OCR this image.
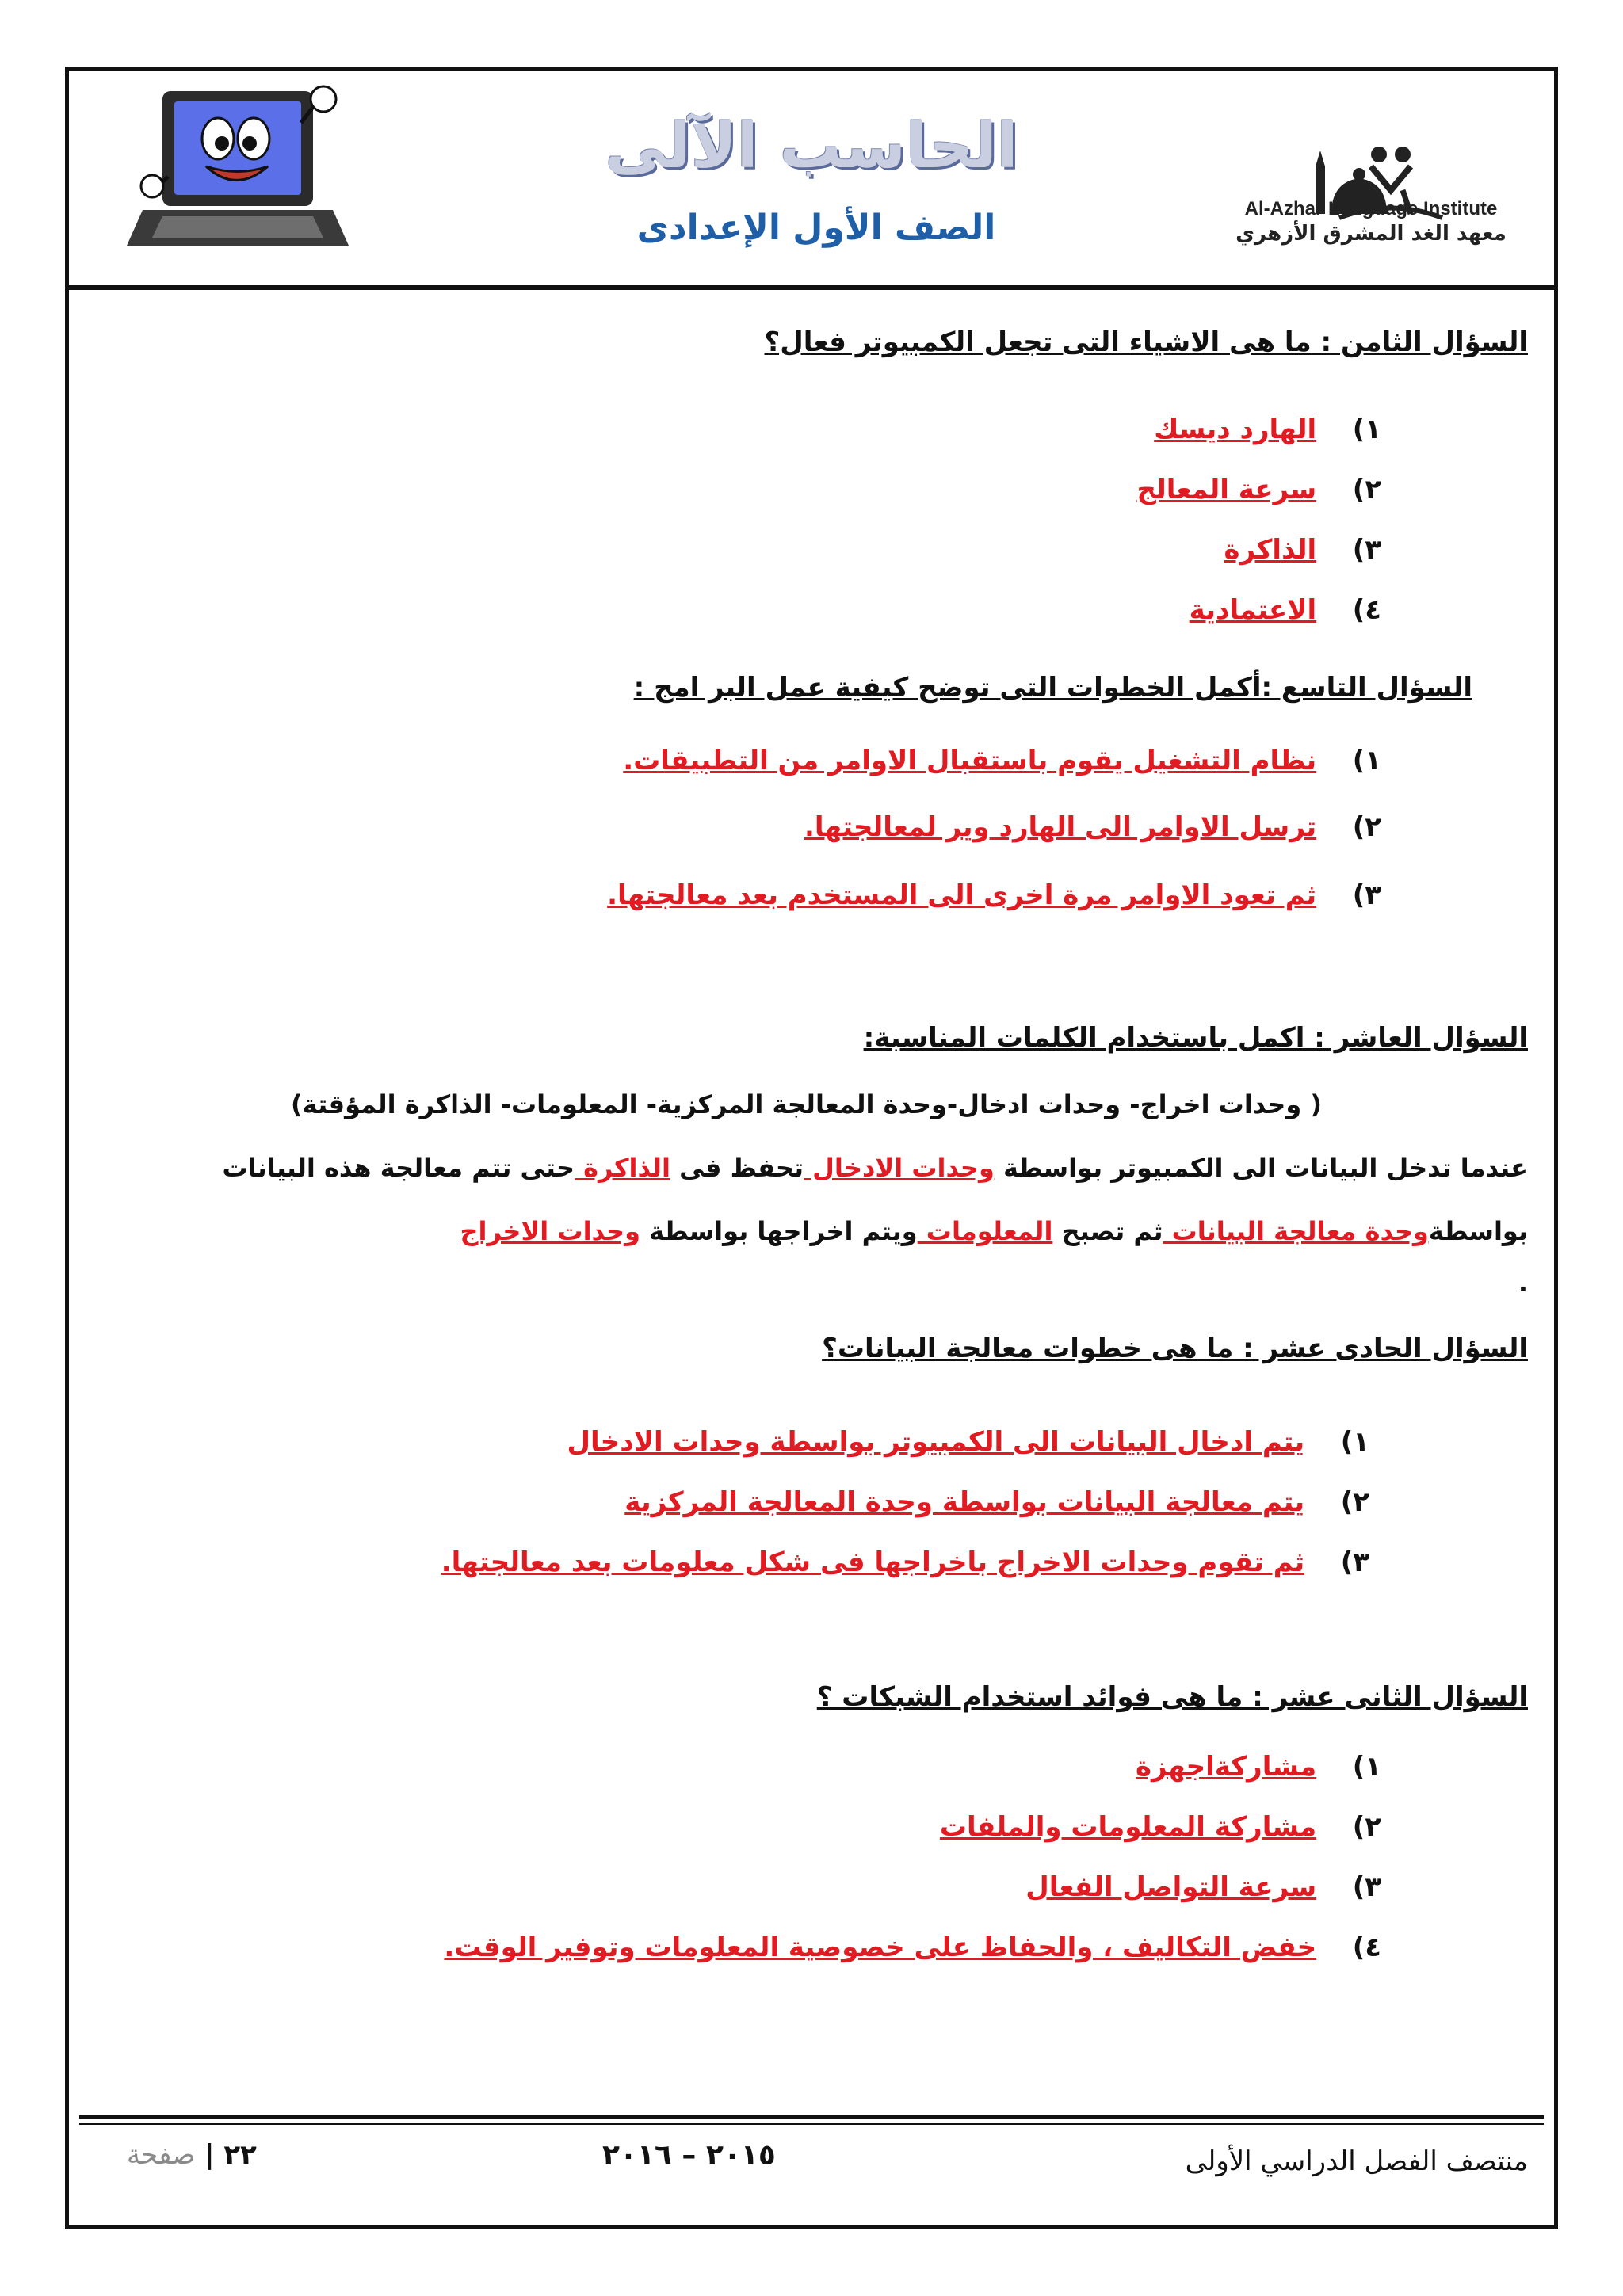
الحاسب الآلى
الصف الأول الإعدادى	Al-Azhar Language Institute
معهد الغد المشرق الأزهري
السؤال الثامن : ما هى الاشياء التى تجعل الكمبيوتر فعال؟
١) الهارد ديسك
٢) سرعة المعالج
٣) الذاكرة
٤) الاعتمادية
السؤال التاسع :أكمل الخطوات التى توضح كيفية عمل البر امج :
١) نظام التشغيل يقوم باستقبال الاوامر من التطبيقات.
٢) ترسل الاوامر الى الهارد وير لمعالجتها.
٣) ثم تعود الاوامر مرة اخرى الى المستخدم بعد معالجتها.
السؤال العاشر : اكمل باستخدام الكلمات المناسبة:
( وحدات اخراج- وحدات ادخال-وحدة المعالجة المركزية- المعلومات- الذاكرة المؤقتة)
عندما تدخل البيانات الى الكمبيوتر بواسطة وحدات الادخال تحفظ فى الذاكرة حتى تتم معالجة هذه البيانات
بواسطةوحدة معالجة البيانات ثم تصبح المعلومات ويتم اخراجها بواسطة وحدات الاخراج
.
السؤال الحادى عشر : ما هى خطوات معالجة البيانات؟
١) يتم ادخال البيانات الى الكمبيوتر بواسطة وحدات الادخال
٢) يتم معالجة البيانات بواسطة وحدة المعالجة المركزية
٣) ثم تقوم وحدات الاخراج باخراجها فى شكل معلومات بعد معالجتها.
السؤال الثانى عشر : ما هى فوائد استخدام الشبكات ؟
١) مشاركةاجهزة
٢) مشاركة المعلومات والملفات
٣) سرعة التواصل الفعال
٤) خفض التكاليف ، والحفاظ على خصوصية المعلومات وتوفير الوقت.
٢٢ | صفحة	٢٠١٥ – ٢٠١٦	منتصف الفصل الدراسي الأولى
